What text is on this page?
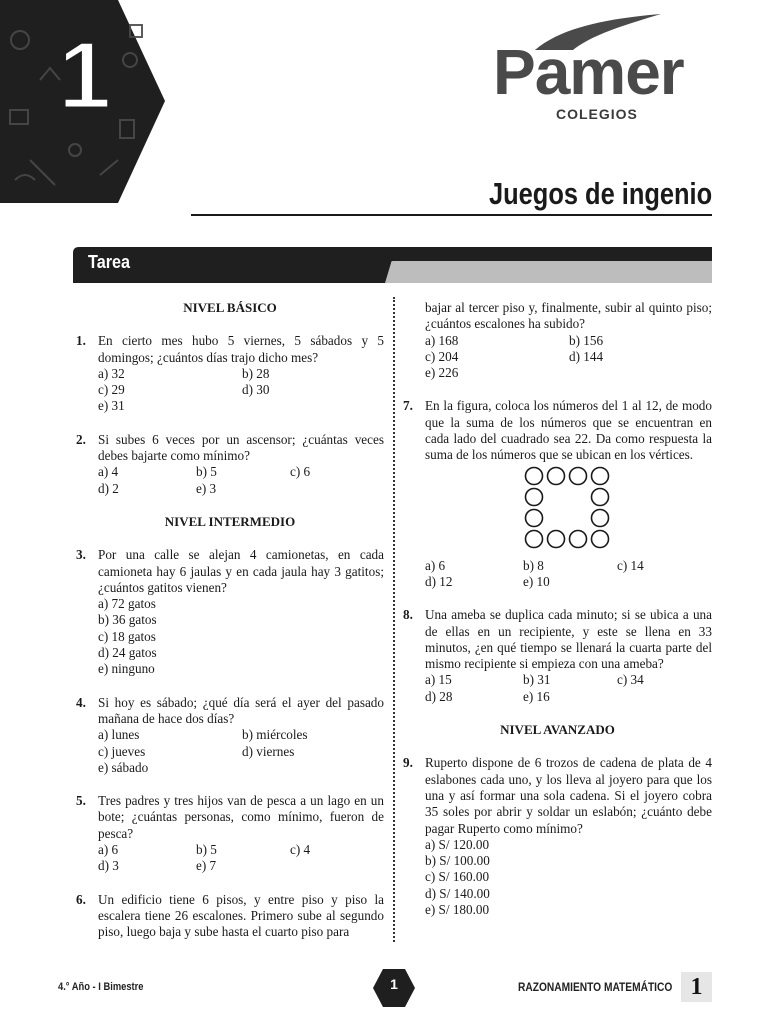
1	Pamer
COLEGIOS
Juegos de ingenio
Tarea
NIVEL BÁSICO
1. En cierto mes hubo 5 viernes, 5 sábados y 5 domingos; ¿cuántos días trajo dicho mes?
a) 32	b) 28
c) 29	d) 30
e) 31
2. Si subes 6 veces por un ascensor; ¿cuántas veces debes bajarte como mínimo?
a) 4	b) 5	c) 6
d) 2	e) 3
NIVEL INTERMEDIO
3. Por una calle se alejan 4 camionetas, en cada camioneta hay 6 jaulas y en cada jaula hay 3 gatitos; ¿cuántos gatitos vienen?
a) 72 gatos
b) 36 gatos
c) 18 gatos
d) 24 gatos
e) ninguno
4. Si hoy es sábado; ¿qué día será el ayer del pasado mañana de hace dos días?
a) lunes	b) miércoles
c) jueves	d) viernes
e) sábado
5. Tres padres y tres hijos van de pesca a un lago en un bote; ¿cuántas personas, como mínimo, fueron de pesca?
a) 6	b) 5	c) 4
d) 3	e) 7
6. Un edificio tiene 6 pisos, y entre piso y piso la escalera tiene 26 escalones. Primero sube al segundo piso, luego baja y sube hasta el cuarto piso para
bajar al tercer piso y, finalmente, subir al quinto piso; ¿cuántos escalones ha subido?
a) 168	b) 156
c) 204	d) 144
e) 226
7. En la figura, coloca los números del 1 al 12, de modo que la suma de los números que se encuentran en cada lado del cuadrado sea 22. Da como respuesta la suma de los números que se ubican en los vértices.
a) 6	b) 8	c) 14
d) 12	e) 10
8. Una ameba se duplica cada minuto; si se ubica a una de ellas en un recipiente, y este se llena en 33 minutos, ¿en qué tiempo se llenará la cuarta parte del mismo recipiente si empieza con una ameba?
a) 15	b) 31	c) 34
d) 28	e) 16
NIVEL AVANZADO
9. Ruperto dispone de 6 trozos de cadena de plata de 4 eslabones cada uno, y los lleva al joyero para que los una y así formar una sola cadena. Si el joyero cobra 35 soles por abrir y soldar un eslabón; ¿cuánto debe pagar Ruperto como mínimo?
a) S/ 120.00
b) S/ 100.00
c) S/ 160.00
d) S/ 140.00
e) S/ 180.00
4.° Año - I Bimestre	1	RAZONAMIENTO MATEMÁTICO 1
